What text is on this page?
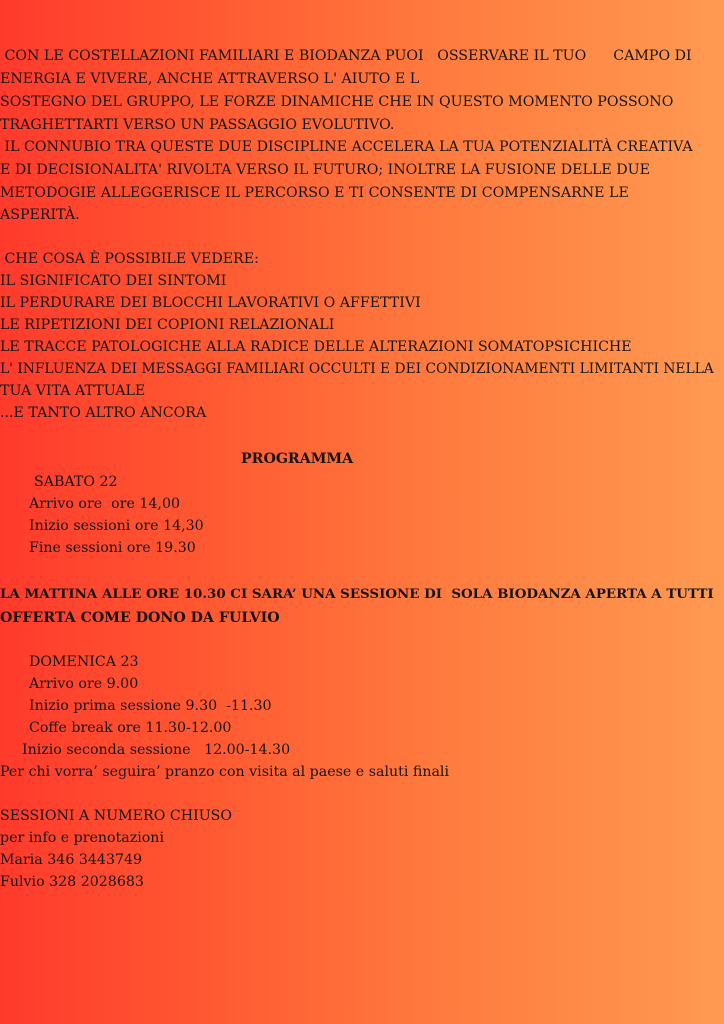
CON LE COSTELLAZIONI FAMILIARI E BIODANZA PUOI   OSSERVARE IL TUO      CAMPO DI
ENERGIA E VIVERE, ANCHE ATTRAVERSO L' AIUTO E L
SOSTEGNO DEL GRUPPO, LE FORZE DINAMICHE CHE IN QUESTO MOMENTO POSSONO
TRAGHETTARTI VERSO UN PASSAGGIO EVOLUTIVO.
IL CONNUBIO TRA QUESTE DUE DISCIPLINE ACCELERA LA TUA POTENZIALITÀ CREATIVA
E DI DECISIONALITA' RIVOLTA VERSO IL FUTURO; INOLTRE LA FUSIONE DELLE DUE
METODOGIE ALLEGGERISCE IL PERCORSO E TI CONSENTE DI COMPENSARNE LE
ASPERITÀ.
CHE COSA È POSSIBILE VEDERE:
IL SIGNIFICATO DEI SINTOMI
IL PERDURARE DEI BLOCCHI LAVORATIVI O AFFETTIVI
LE RIPETIZIONI DEI COPIONI RELAZIONALI
LE TRACCE PATOLOGICHE ALLA RADICE DELLE ALTERAZIONI SOMATOPSICHICHE
L' INFLUENZA DEI MESSAGGI FAMILIARI OCCULTI E DEI CONDIZIONAMENTI LIMITANTI NELLA
TUA VITA ATTUALE
...E TANTO ALTRO ANCORA
PROGRAMMA
SABATO 22
Arrivo ore  ore 14,00
Inizio sessioni ore 14,30
Fine sessioni ore 19.30
LA MATTINA ALLE ORE 10.30 CI SARA’ UNA SESSIONE DI  SOLA BIODANZA APERTA A TUTTI
OFFERTA COME DONO DA FULVIO
DOMENICA 23
Arrivo ore 9.00
Inizio prima sessione 9.30  -11.30
Coffe break ore 11.30-12.00
Inizio seconda sessione   12.00-14.30
Per chi vorra’ seguira’ pranzo con visita al paese e saluti finali
SESSIONI A NUMERO CHIUSO
per info e prenotazioni
Maria 346 3443749
Fulvio 328 2028683
